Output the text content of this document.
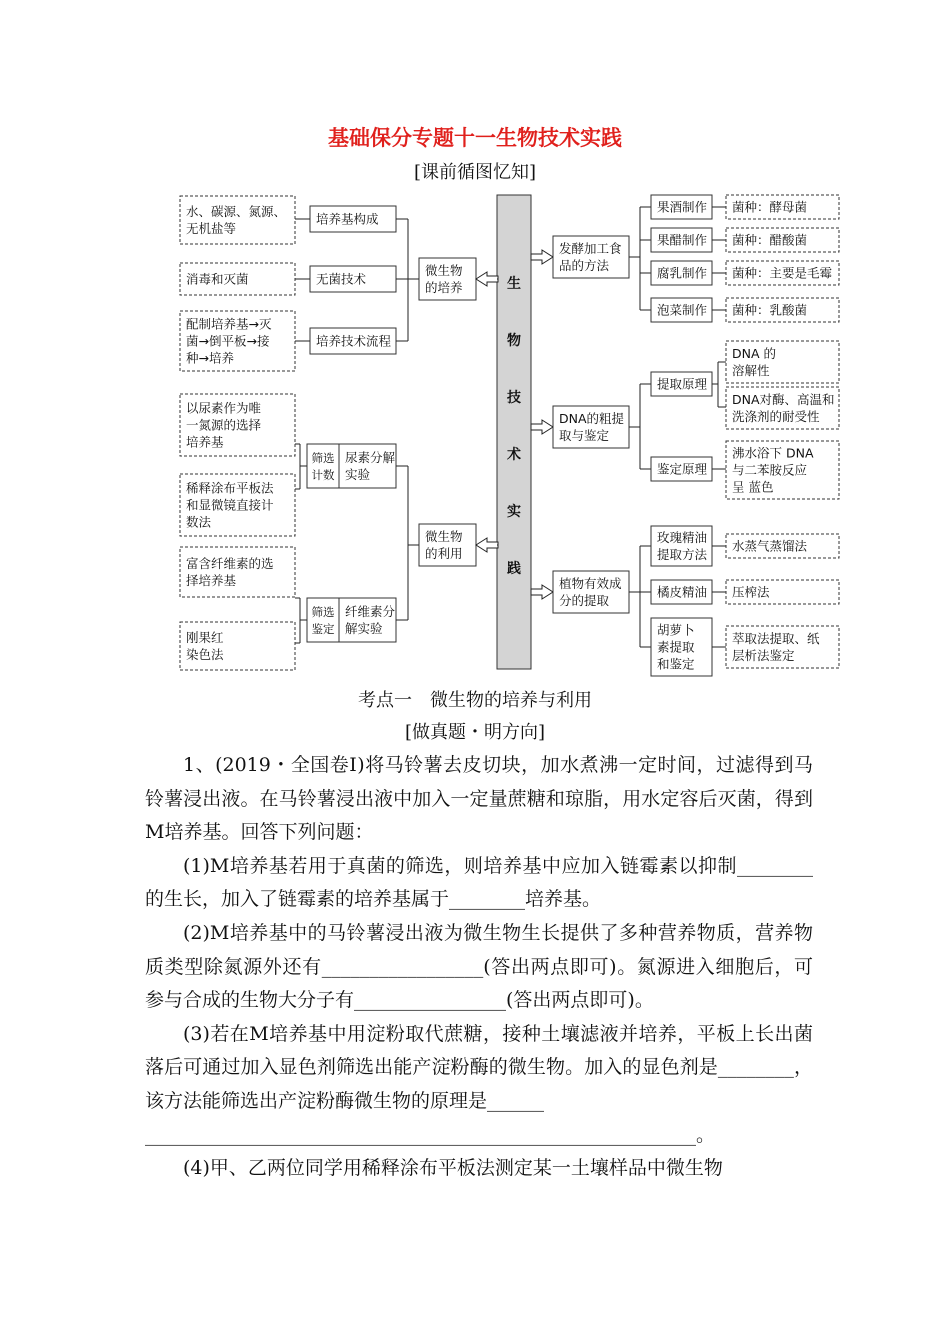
基础保分专题十一生物技术实践
[课前循图忆知]
生
物
技
术
实
践
微生物
的培养
培养基构成
水、碳源、氮源、
无机盐等
无菌技术
消毒和灭菌
培养技术流程
配制培养基→灭
菌→倒平板→接
种→培养
微生物
的利用
尿素分解
实验
筛选
计数
以尿素作为唯
一氮源的选择
培养基
稀释涂布平板法
和显微镜直接计
数法
纤维素分
解实验
筛选
鉴定
富含纤维素的选
择培养基
刚果红
染色法
发酵加工食
品的方法
DNA的粗提
取与鉴定
植物有效成
分的提取
果酒制作 菌种：酵母菌
果醋制作 菌种：醋酸菌
腐乳制作 菌种：主要是毛霉
泡菜制作 菌种：乳酸菌
提取原理
鉴定原理
DNA 的
溶解性
DNA对酶、高温和
洗涤剂的耐受性
沸水浴下 DNA
与二苯胺反应
呈 蓝色
玫瑰精油
提取方法
水蒸气蒸馏法
橘皮精油 压榨法
胡萝卜
素提取
和鉴定
萃取法提取、纸
层析法鉴定
考点一　微生物的培养与利用
[做真题・明方向]

1、(2019・全国卷Ⅰ)将马铃薯去皮切块，加水煮沸一定时间，过滤得到马铃薯浸出液。在马铃薯浸出液中加入一定量蔗糖和琼脂，用水定容后灭菌，得到M培养基。回答下列问题：

(1)M培养基若用于真菌的筛选，则培养基中应加入链霉素以抑制________的生长，加入了链霉素的培养基属于________培养基。

(2)M培养基中的马铃薯浸出液为微生物生长提供了多种营养物质，营养物质类型除氮源外还有_________________(答出两点即可)。氮源进入细胞后，可参与合成的生物大分子有________________(答出两点即可)。

(3)若在M培养基中用淀粉取代蔗糖，接种土壤滤液并培养，平板上长出菌落后可通过加入显色剂筛选出能产淀粉酶的微生物。加入的显色剂是________，该方法能筛选出产淀粉酶微生物的原理是______

__________________________________________________________。

(4)甲、乙两位同学用稀释涂布平板法测定某一土壤样品中微生物
